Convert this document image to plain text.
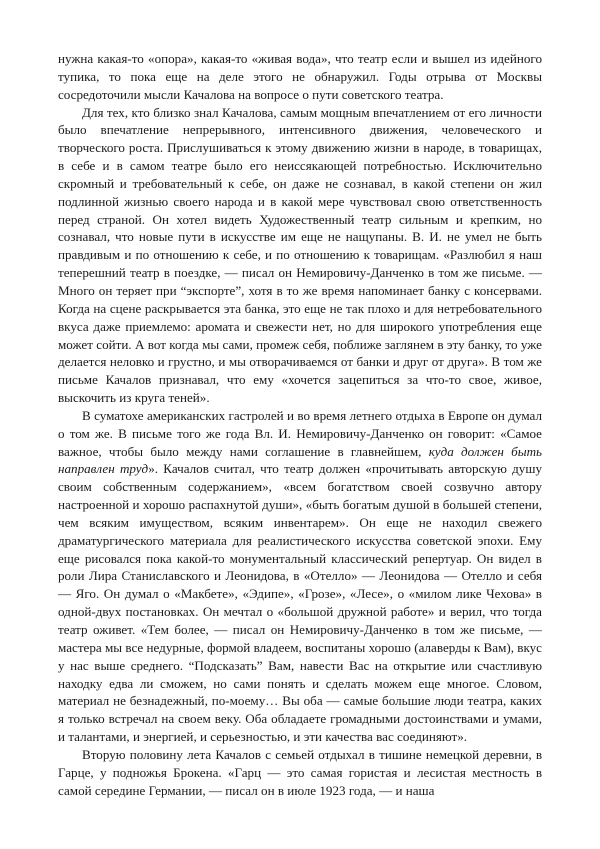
нужна какая-то «опора», какая-то «живая вода», что театр если и вышел из идейного тупика, то пока еще на деле этого не обнаружил. Годы отрыва от Москвы сосредоточили мысли Качалова на вопросе о пути советского театра.

Для тех, кто близко знал Качалова, самым мощным впечатлением от его личности было впечатление непрерывного, интенсивного движения, человеческого и творческого роста. Прислушиваться к этому движению жизни в народе, в товарищах, в себе и в самом театре было его неиссякающей потребностью. Исключительно скромный и требовательный к себе, он даже не сознавал, в какой степени он жил подлинной жизнью своего народа и в какой мере чувствовал свою ответственность перед страной. Он хотел видеть Художественный театр сильным и крепким, но сознавал, что новые пути в искусстве им еще не нащупаны. В. И. не умел не быть правдивым и по отношению к себе, и по отношению к товарищам. «Разлюбил я наш теперешний театр в поездке, — писал он Немировичу-Данченко в том же письме. — Много он теряет при “экспорте”, хотя в то же время напоминает банку с консервами. Когда на сцене раскрывается эта банка, это еще не так плохо и для нетребовательного вкуса даже приемлемо: аромата и свежести нет, но для широкого употребления еще может сойти. А вот когда мы сами, промеж себя, поближе заглянем в эту банку, то уже делается неловко и грустно, и мы отворачиваемся от банки и друг от друга». В том же письме Качалов признавал, что ему «хочется зацепиться за что-то свое, живое, выскочить из круга теней».

В суматохе американских гастролей и во время летнего отдыха в Европе он думал о том же. В письме того же года Вл. И. Немировичу-Данченко он говорит: «Самое важное, чтобы было между нами соглашение в главнейшем, куда должен быть направлен труд». Качалов считал, что театр должен «прочитывать авторскую душу своим собственным содержанием», «всем богатством своей созвучно автору настроенной и хорошо распахнутой души», «быть богатым душой в большей степени, чем всяким имуществом, всяким инвентарем». Он еще не находил свежего драматургического материала для реалистического искусства советской эпохи. Ему еще рисовался пока какой-то монументальный классический репертуар. Он видел в роли Лира Станиславского и Леонидова, в «Отелло» — Леонидова — Отелло и себя — Яго. Он думал о «Макбете», «Эдипе», «Грозе», «Лесе», о «милом лике Чехова» в одной-двух постановках. Он мечтал о «большой дружной работе» и верил, что тогда театр оживет. «Тем более, — писал он Немировичу-Данченко в том же письме, — мастера мы все недурные, формой владеем, воспитаны хорошо (алаверды к Вам), вкус у нас выше среднего. “Подсказать” Вам, навести Вас на открытие или счастливую находку едва ли сможем, но сами понять и сделать можем еще многое. Словом, материал не безнадежный, по-моему… Вы оба — самые большие люди театра, каких я только встречал на своем веку. Оба обладаете громадными достоинствами и умами, и талантами, и энергией, и серьезностью, и эти качества вас соединяют».

Вторую половину лета Качалов с семьей отдыхал в тишине немецкой деревни, в Гарце, у подножья Брокена. «Гарц — это самая гористая и лесистая местность в самой середине Германии, — писал он в июле 1923 года, — и наша
